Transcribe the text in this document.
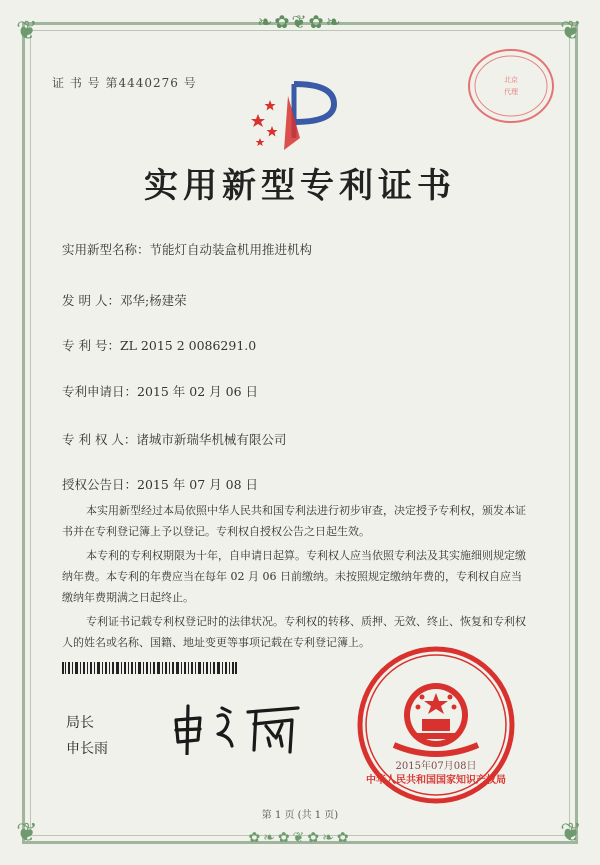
❦	❦
❦	❦
❧✿❦✿❧
✿❧✿❦✿❧✿
证 书 号 第4440276 号	北京
代理
实用新型专利证书
实用新型名称：节能灯自动装盒机用推进机构
发 明 人：邓华;杨建荣
专 利 号：ZL 2015 2 0086291.0
专利申请日：2015 年 02 月 06 日
专 利 权 人：诸城市新瑞华机械有限公司
授权公告日：2015 年 07 月 08 日

本实用新型经过本局依照中华人民共和国专利法进行初步审查，决定授予专利权，颁发本证书并在专利登记簿上予以登记。专利权自授权公告之日起生效。

本专利的专利权期限为十年，自申请日起算。专利权人应当依照专利法及其实施细则规定缴纳年费。本专利的年费应当在每年 02 月 06 日前缴纳。未按照规定缴纳年费的，专利权自应当缴纳年费期满之日起终止。

专利证书记载专利权登记时的法律状况。专利权的转移、质押、无效、终止、恢复和专利权人的姓名或名称、国籍、地址变更等事项记载在专利登记簿上。

局长
申长雨
中华人民共和国国家知识产权局
2015年07月08日
第 1 页 (共 1 页)
